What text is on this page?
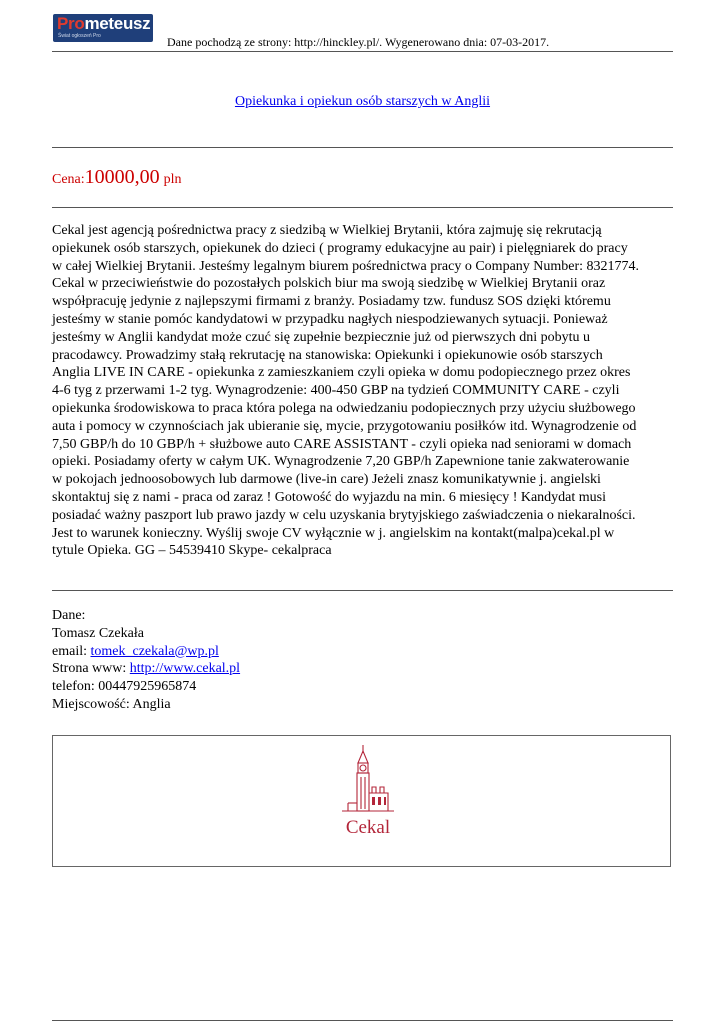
Prometeusz
Świat ogłoszeń Pro	Dane pochodzą ze strony: http://hinckley.pl/. Wygenerowano dnia: 07-03-2017.
Opiekunka i opiekun osób starszych w Anglii
Cena:10000,00 pln
Cekal jest agencją pośrednictwa pracy z siedzibą w Wielkiej Brytanii, która zajmuję się rekrutacją
opiekunek osób starszych, opiekunek do dzieci ( programy edukacyjne au pair) i pielęgniarek do pracy
w całej Wielkiej Brytanii. Jesteśmy legalnym biurem pośrednictwa pracy o Company Number: 8321774.
Cekal w przeciwieństwie do pozostałych polskich biur ma swoją siedzibę w Wielkiej Brytanii oraz
współpracuję jedynie z najlepszymi firmami z branży. Posiadamy tzw. fundusz SOS dzięki któremu
jesteśmy w stanie pomóc kandydatowi w przypadku nagłych niespodziewanych sytuacji. Ponieważ
jesteśmy w Anglii kandydat może czuć się zupełnie bezpiecznie już od pierwszych dni pobytu u
pracodawcy. Prowadzimy stałą rekrutację na stanowiska: Opiekunki i opiekunowie osób starszych
Anglia LIVE IN CARE - opiekunka z zamieszkaniem czyli opieka w domu podopiecznego przez okres
4-6 tyg z przerwami 1-2 tyg. Wynagrodzenie: 400-450 GBP na tydzień COMMUNITY CARE - czyli
opiekunka środowiskowa to praca która polega na odwiedzaniu podopiecznych przy użyciu służbowego
auta i pomocy w czynnościach jak ubieranie się, mycie, przygotowaniu posiłków itd. Wynagrodzenie od
7,50 GBP/h do 10 GBP/h + służbowe auto CARE ASSISTANT - czyli opieka nad seniorami w domach
opieki. Posiadamy oferty w całym UK. Wynagrodzenie 7,20 GBP/h Zapewnione tanie zakwaterowanie
w pokojach jednoosobowych lub darmowe (live-in care) Jeżeli znasz komunikatywnie j. angielski
skontaktuj się z nami - praca od zaraz ! Gotowość do wyjazdu na min. 6 miesięcy ! Kandydat musi
posiadać ważny paszport lub prawo jazdy w celu uzyskania brytyjskiego zaświadczenia o niekaralności.
Jest to warunek konieczny. Wyślij swoje CV wyłącznie w j. angielskim na kontakt(malpa)cekal.pl w
tytule Opieka. GG – 54539410 Skype- cekalpraca
Dane:
Tomasz Czekała
email: tomek_czekala@wp.pl
Strona www: http://www.cekal.pl
telefon: 00447925965874
Miejscowość: Anglia
Cekal
